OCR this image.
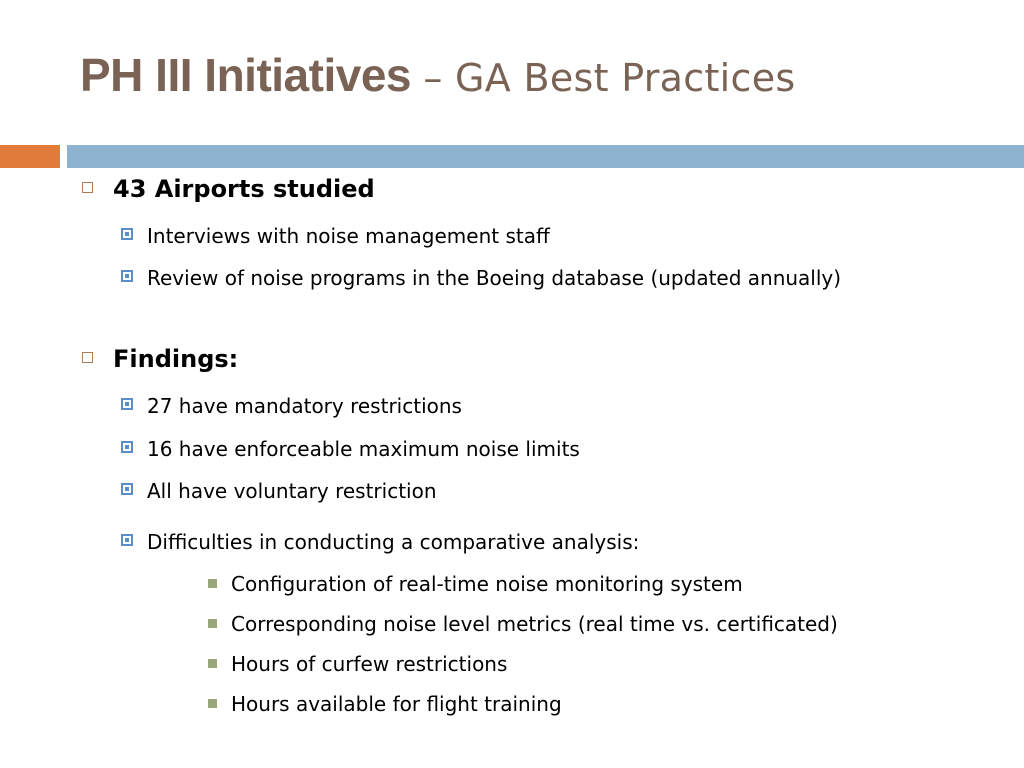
PH III Initiatives – GA Best Practices
43 Airports studied
Interviews with noise management staff
Review of noise programs in the Boeing database (updated annually)
Findings:
27 have mandatory restrictions
16 have enforceable maximum noise limits
All have voluntary restriction
Difficulties in conducting a comparative analysis:
Configuration of real-time noise monitoring system
Corresponding noise level metrics (real time vs. certificated)
Hours of curfew restrictions
Hours available for flight training
